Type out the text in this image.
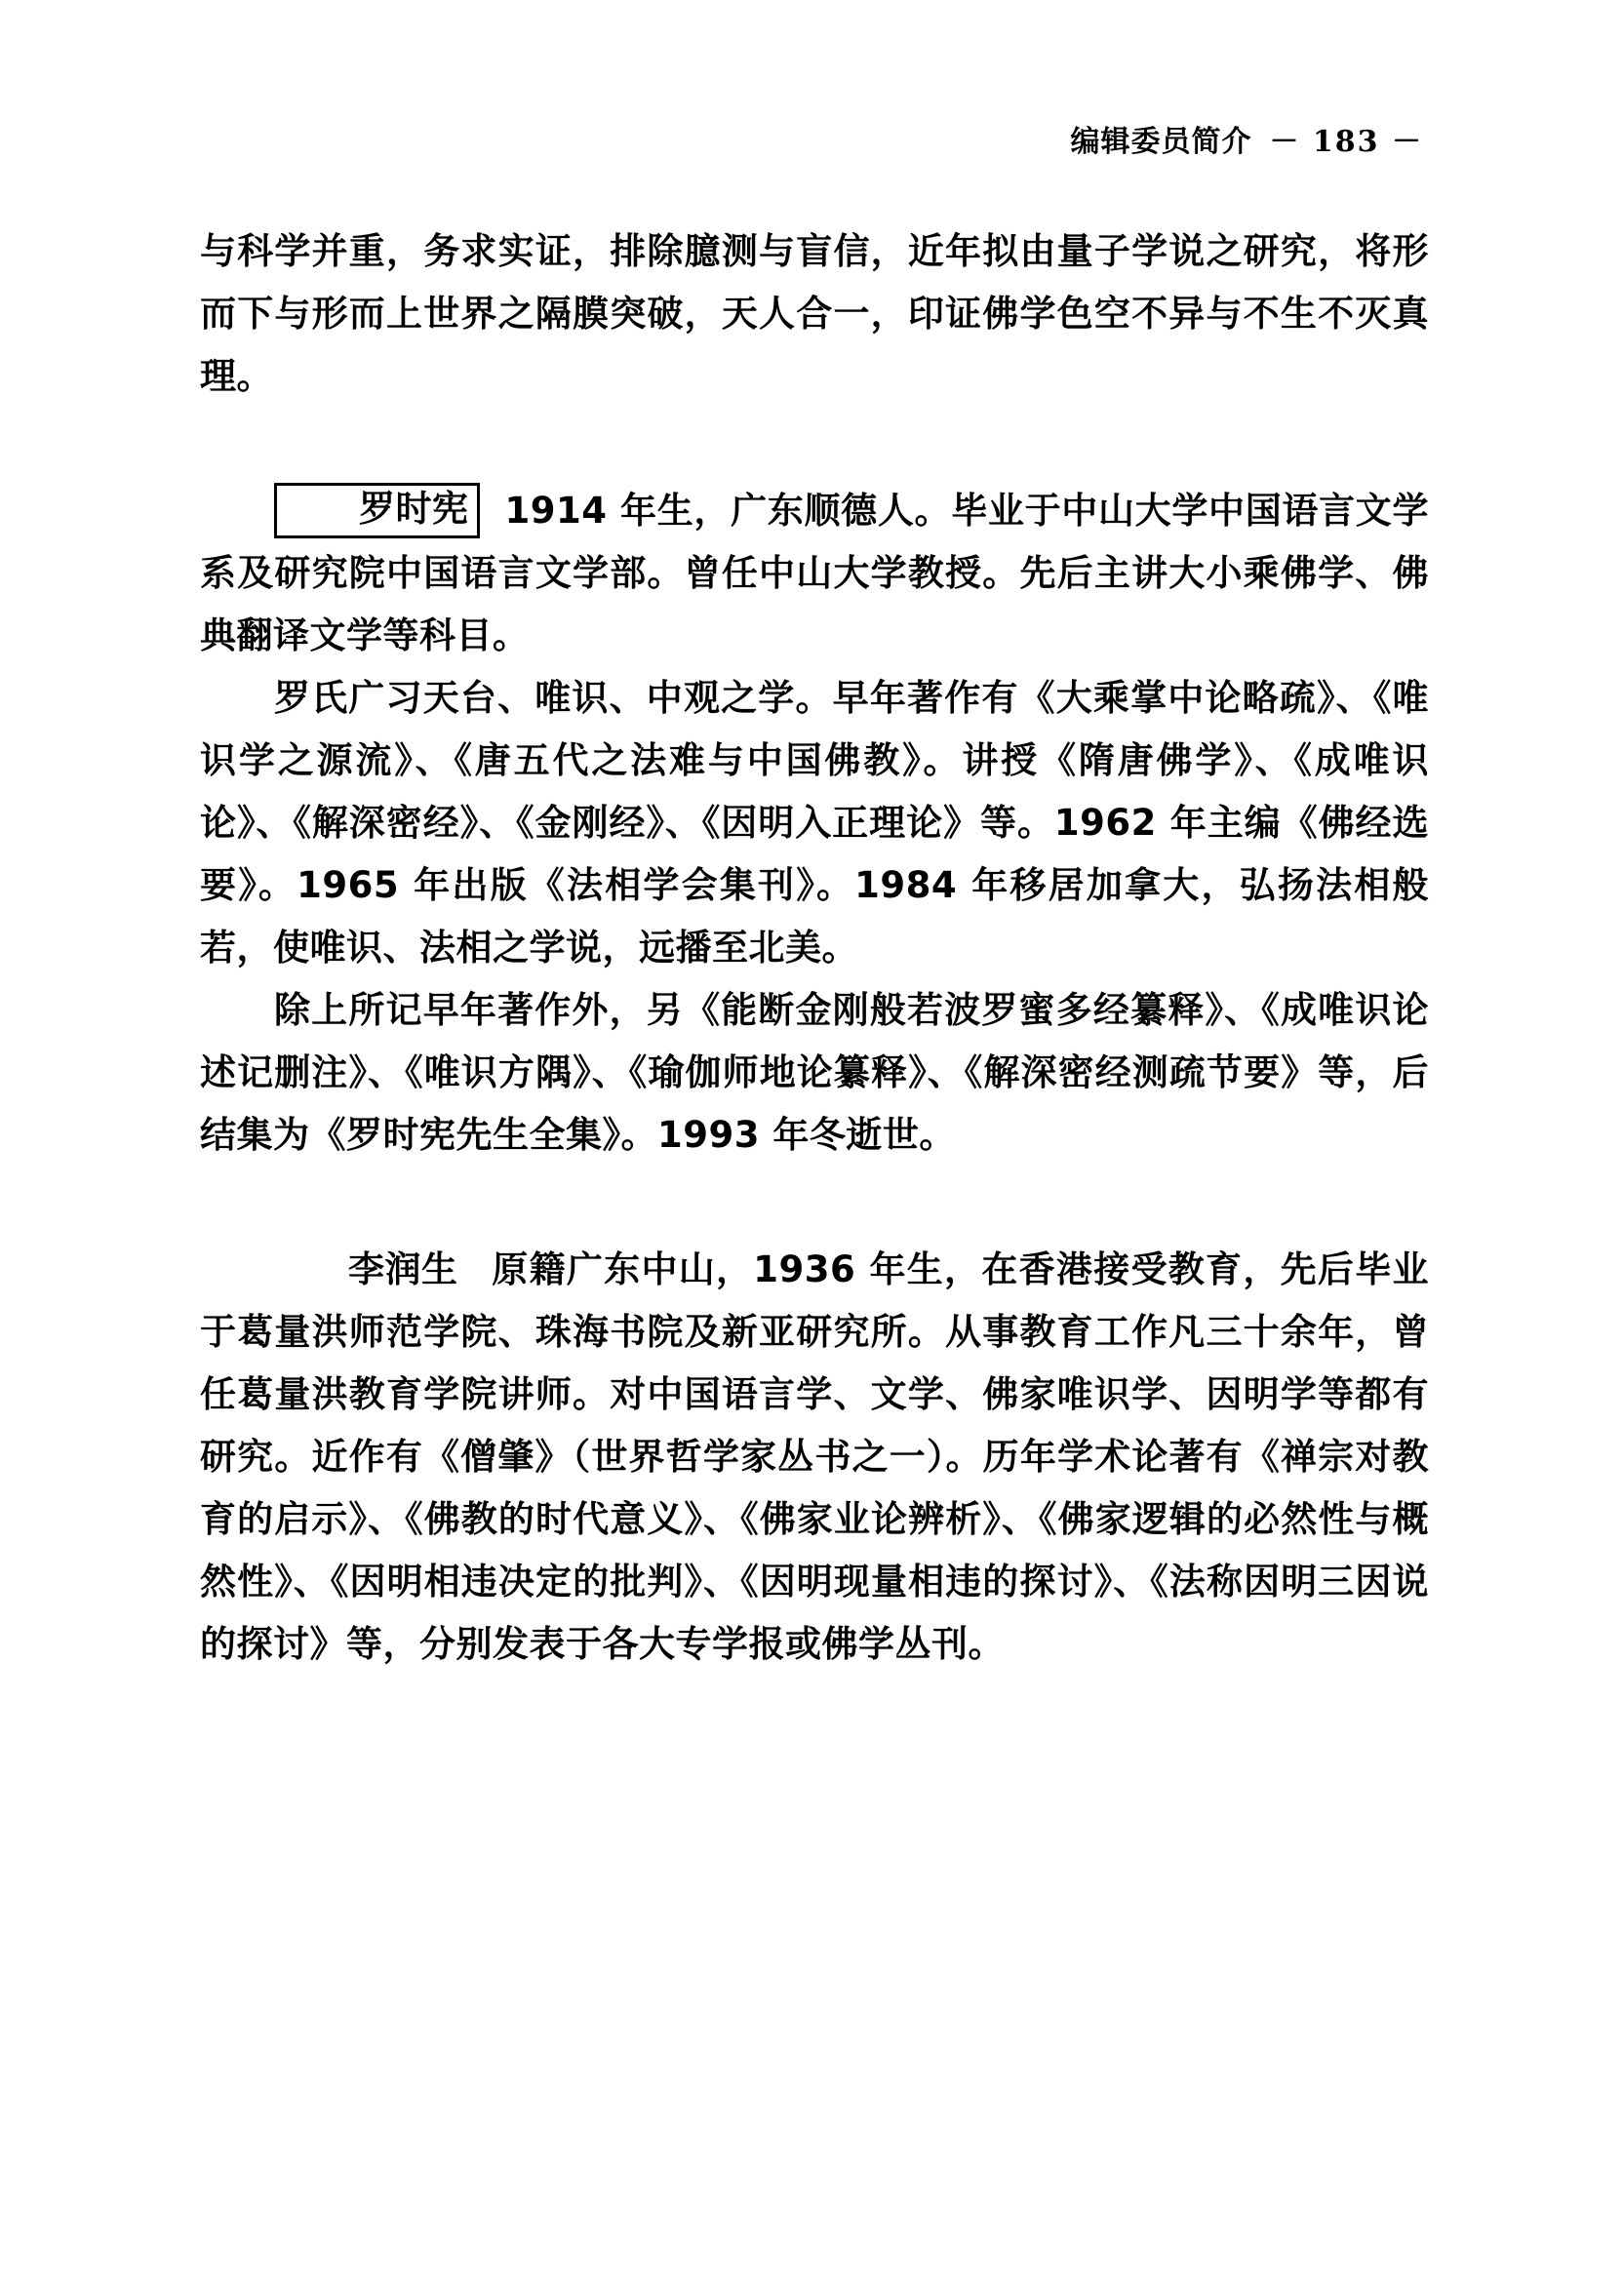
编辑委员简介 － 183 －

与科学并重，务求实证，排除臆测与盲信，近年拟由量子学说之研究，将形而下与形而上世界之隔膜突破，天人合一，印证佛学色空不异与不生不灭真理。

罗时宪 1914 年生，广东顺德人。毕业于中山大学中国语言文学系及研究院中国语言文学部。曾任中山大学教授。先后主讲大小乘佛学、佛典翻译文学等科目。

罗氏广习天台、唯识、中观之学。早年著作有《大乘掌中论略疏》、《唯识学之源流》、《唐五代之法难与中国佛教》。讲授《隋唐佛学》、《成唯识论》、《解深密经》、《金刚经》、《因明入正理论》等。1962 年主编《佛经选要》。1965 年出版《法相学会集刊》。1984 年移居加拿大，弘扬法相般若，使唯识、法相之学说，远播至北美。

除上所记早年著作外，另《能断金刚般若波罗蜜多经纂释》、《成唯识论述记删注》、《唯识方隅》、《瑜伽师地论纂释》、《解深密经测疏节要》等，后结集为《罗时宪先生全集》。1993 年冬逝世。

李润生 原籍广东中山，1936 年生，在香港接受教育，先后毕业于葛量洪师范学院、珠海书院及新亚研究所。从事教育工作凡三十余年，曾任葛量洪教育学院讲师。对中国语言学、文学、佛家唯识学、因明学等都有研究。近作有《僧肇》（世界哲学家丛书之一）。历年学术论著有《禅宗对教育的启示》、《佛教的时代意义》、《佛家业论辨析》、《佛家逻辑的必然性与概然性》、《因明相违决定的批判》、《因明现量相违的探讨》、《法称因明三因说的探讨》等，分别发表于各大专学报或佛学丛刊。
